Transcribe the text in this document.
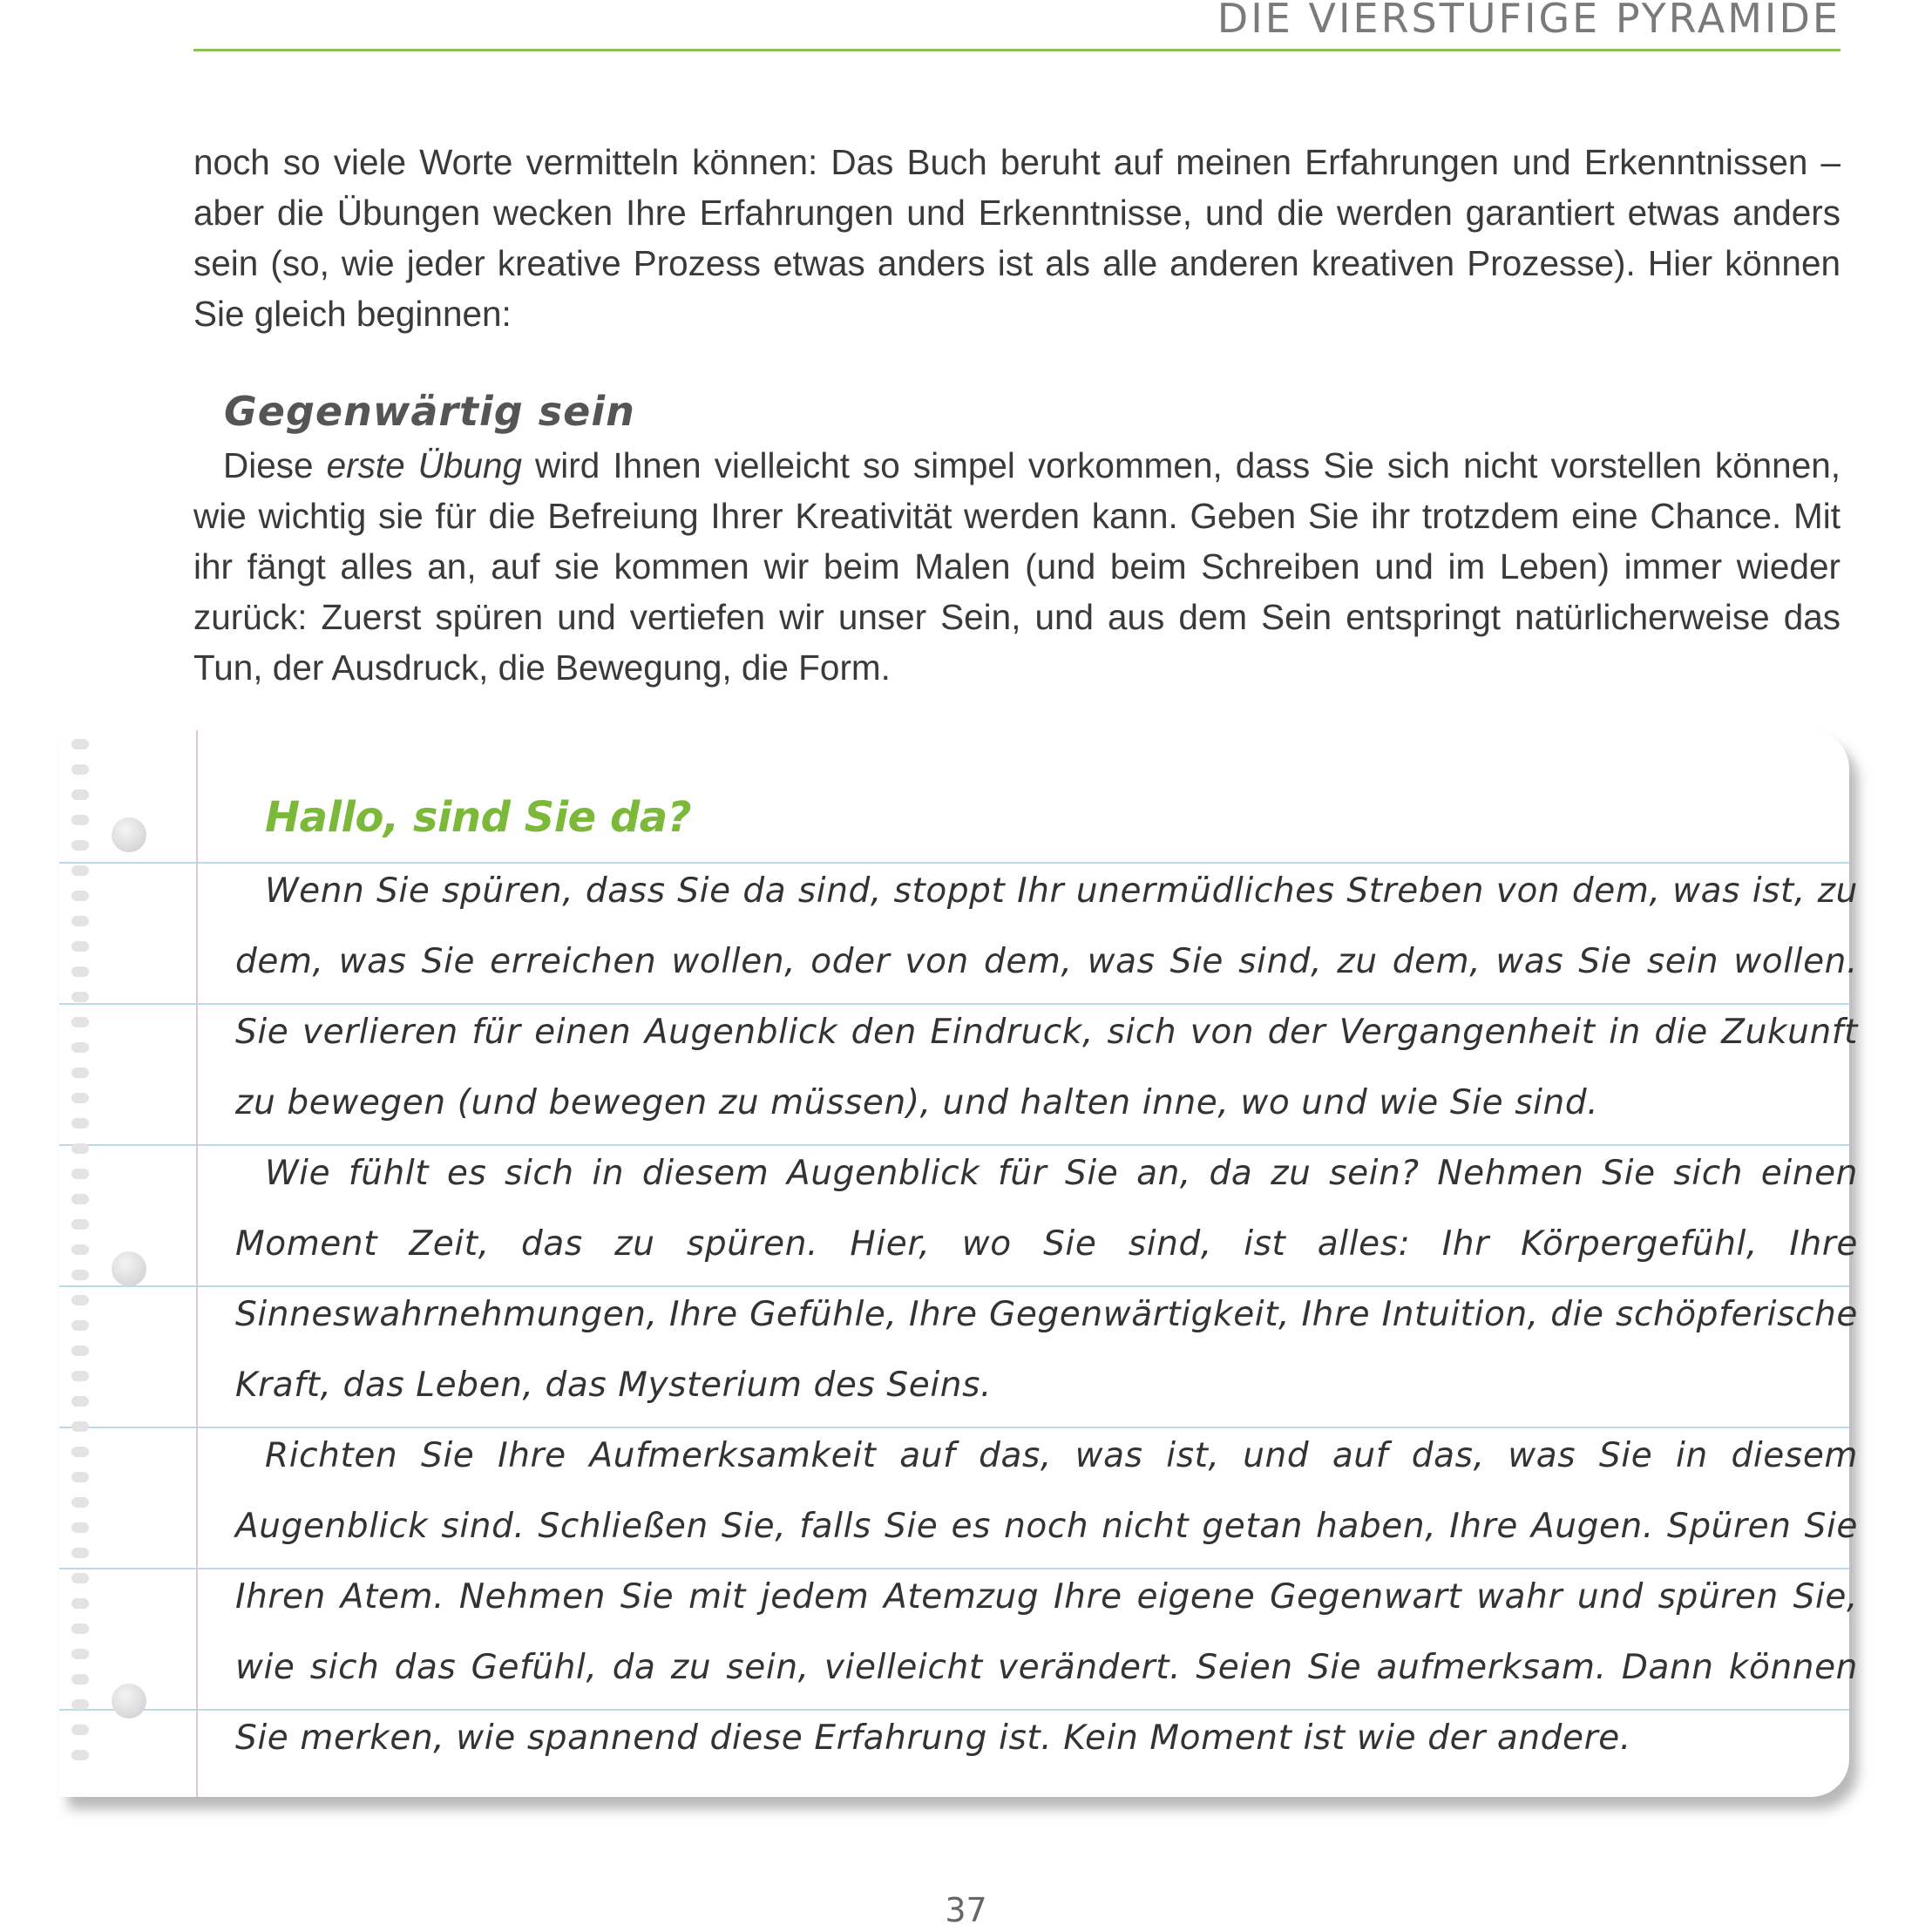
DIE VIERSTUFIGE PYRAMIDE

noch so viele Worte vermitteln können: Das Buch beruht auf meinen Erfahrungen und Erkenntnissen – aber die Übungen wecken Ihre Erfahrungen und Erkenntnisse, und die werden garantiert etwas anders sein (so, wie jeder kreative Prozess etwas anders ist als alle anderen kreativen Prozesse). Hier können Sie gleich beginnen:

Gegenwärtig sein

Diese erste Übung wird Ihnen vielleicht so simpel vorkommen, dass Sie sich nicht vorstellen können, wie wichtig sie für die Befreiung Ihrer Kreativität werden kann. Geben Sie ihr trotzdem eine Chance. Mit ihr fängt alles an, auf sie kommen wir beim Malen (und beim Schreiben und im Leben) immer wieder zurück: Zuerst spüren und vertiefen wir unser Sein, und aus dem Sein entspringt natürlicherweise das Tun, der Ausdruck, die Bewegung, die Form.

Hallo, sind Sie da?

Wenn Sie spüren, dass Sie da sind, stoppt Ihr unermüdliches Streben von dem, was ist, zu dem, was Sie erreichen wollen, oder von dem, was Sie sind, zu dem, was Sie sein wollen. Sie verlieren für einen Augenblick den Eindruck, sich von der Vergangenheit in die Zukunft zu bewegen (und bewegen zu müssen), und halten inne, wo und wie Sie sind.

Wie fühlt es sich in diesem Augenblick für Sie an, da zu sein? Nehmen Sie sich einen Moment Zeit, das zu spüren. Hier, wo Sie sind, ist alles: Ihr Körpergefühl, Ihre Sinneswahrnehmungen, Ihre Gefühle, Ihre Gegenwärtigkeit, Ihre Intuition, die schöpferische Kraft, das Leben, das Mysterium des Seins.

Richten Sie Ihre Aufmerksamkeit auf das, was ist, und auf das, was Sie in diesem Augenblick sind. Schließen Sie, falls Sie es noch nicht getan haben, Ihre Augen. Spüren Sie Ihren Atem. Nehmen Sie mit jedem Atemzug Ihre eigene Gegenwart wahr und spüren Sie, wie sich das Gefühl, da zu sein, vielleicht verändert. Seien Sie aufmerksam. Dann können Sie merken, wie spannend diese Erfahrung ist. Kein Moment ist wie der andere.

37
